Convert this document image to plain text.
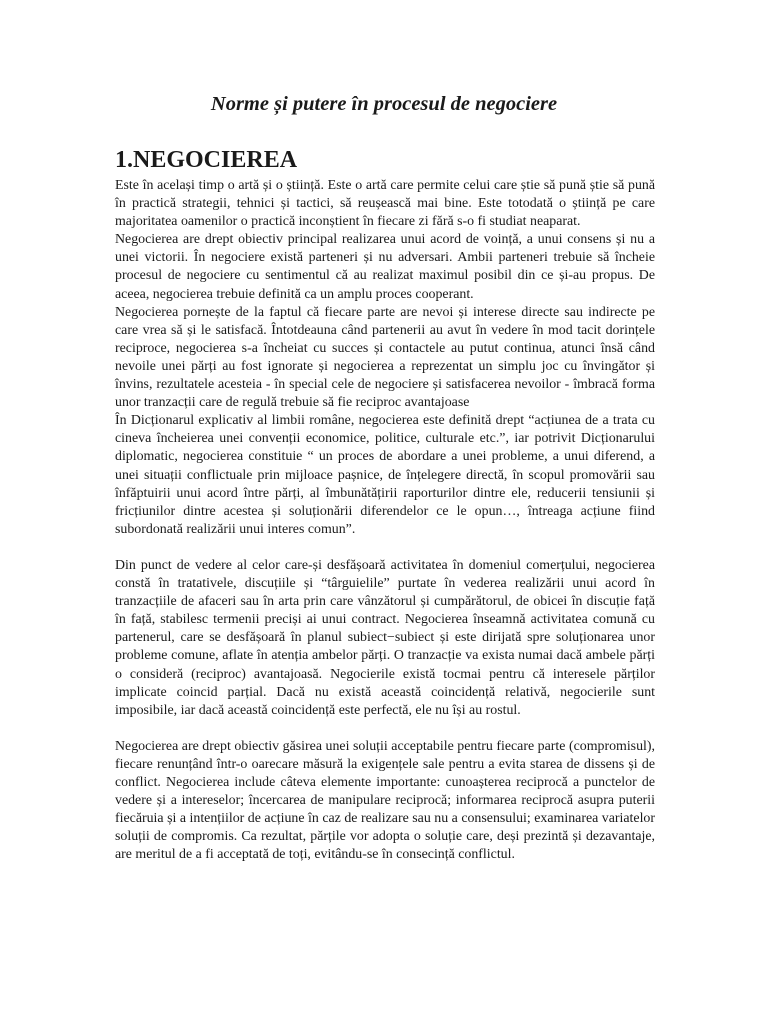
Norme și putere în procesul de negociere
1.NEGOCIEREA

Este în același timp o artă și o știință. Este o artă care permite celui care știe să pună știe să pună în practică strategii, tehnici și tactici, să reușească mai bine. Este totodată o știință pe care majoritatea oamenilor o practică inconștient în fiecare zi fără s-o fi studiat neaparat.

Negocierea are drept obiectiv principal realizarea unui acord de voință, a unui consens și nu a unei victorii. În negociere există parteneri și nu adversari. Ambii parteneri trebuie să încheie procesul de negociere cu sentimentul că au realizat maximul posibil din ce și-au propus. De aceea, negocierea trebuie definită ca un amplu proces cooperant.

Negocierea pornește de la faptul că fiecare parte are nevoi și interese directe sau indirecte pe care vrea să și le satisfacă. Întotdeauna când partenerii au avut în vedere în mod tacit dorințele reciproce, negocierea s-a încheiat cu succes și contactele au putut continua, atunci însă când nevoile unei părți au fost ignorate și negocierea a reprezentat un simplu joc cu învingător și învins, rezultatele acesteia - în special cele de negociere și satisfacerea nevoilor - îmbracă forma unor tranzacții care de regulă trebuie să fie reciproc avantajoase

În Dicționarul explicativ al limbii române, negocierea este definită drept “acțiunea de a trata cu cineva încheierea unei convenții economice, politice, culturale etc.”, iar potrivit Dicționarului diplomatic, negocierea constituie “ un proces de abordare a unei probleme, a unui diferend, a unei situații conflictuale prin mijloace pașnice, de înțelegere directă, în scopul promovării sau înfăptuirii unui acord între părți, al îmbunătățirii raporturilor dintre ele, reducerii tensiunii și fricțiunilor dintre acestea și soluționării diferendelor ce le opun…, întreaga acțiune fiind subordonată realizării unui interes comun”.

Din punct de vedere al celor care-și desfășoară activitatea în domeniul comerțului, negocierea constă în tratativele, discuțiile și “târguielile” purtate în vederea realizării unui acord în tranzacțiile de afaceri sau în arta prin care vânzătorul și cumpărătorul, de obicei în discuție față în față, stabilesc termenii preciși ai unui contract. Negocierea înseamnă activitatea comună cu partenerul, care se desfășoară în planul subiect−subiect și este dirijată spre soluționarea unor probleme comune, aflate în atenția ambelor părți. O tranzacție va exista numai dacă ambele părți o consideră (reciproc) avantajoasă. Negocierile există tocmai pentru că interesele părților implicate coincid parțial. Dacă nu există această coincidență relativă, negocierile sunt imposibile, iar dacă această coincidență este perfectă, ele nu își au rostul.

Negocierea are drept obiectiv găsirea unei soluții acceptabile pentru fiecare parte (compromisul), fiecare renunțând într-o oarecare măsură la exigențele sale pentru a evita starea de dissens și de conflict. Negocierea include câteva elemente importante: cunoașterea reciprocă a punctelor de vedere și a intereselor; încercarea de manipulare reciprocă; informarea reciprocă asupra puterii fiecăruia și a intențiilor de acțiune în caz de realizare sau nu a consensului; examinarea variatelor soluții de compromis. Ca rezultat, părțile vor adopta o soluție care, deși prezintă și dezavantaje, are meritul de a fi acceptată de toți, evitându-se în consecință conflictul.
